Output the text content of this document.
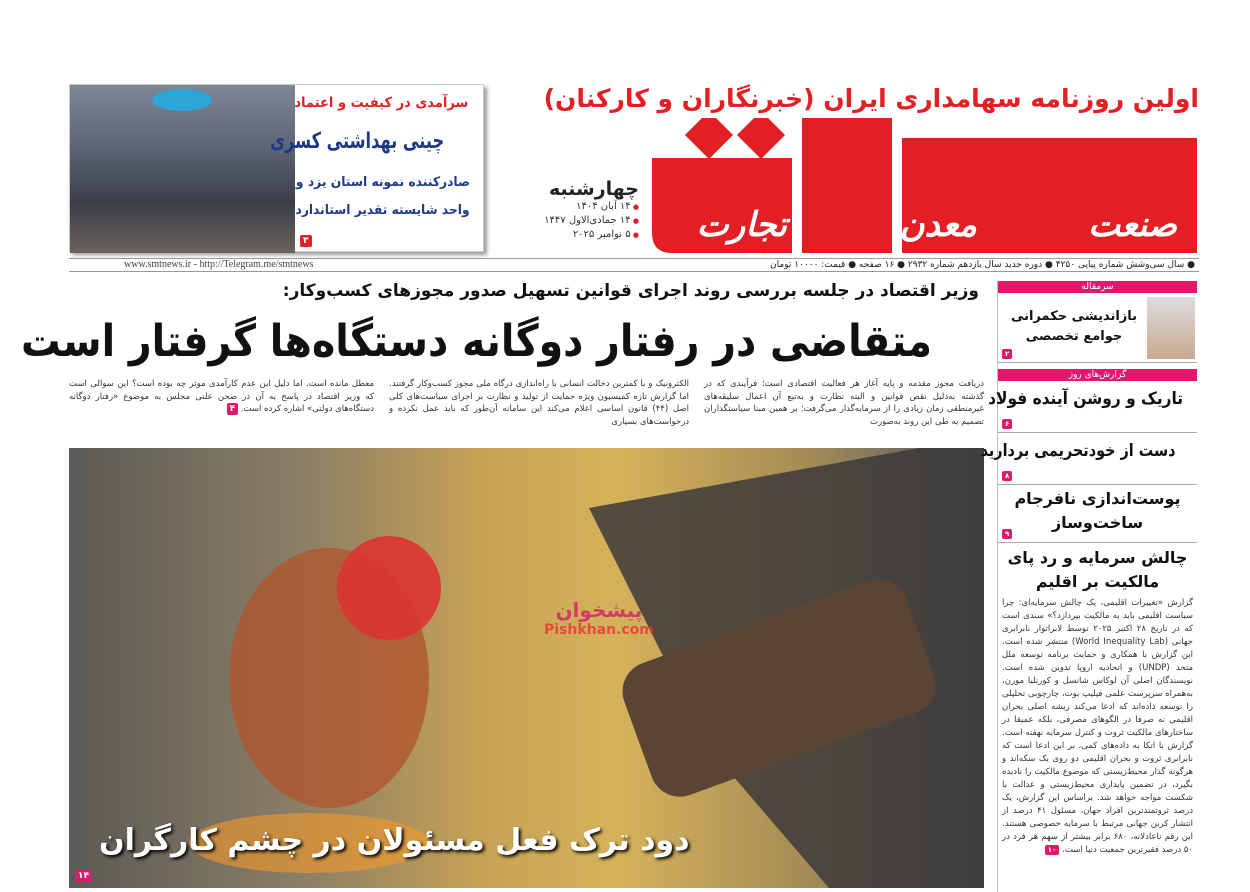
اولین روزنامه سهامداری ایران (خبرنگاران و کارکنان)
صنعت
معدن
تجارت
چهارشنبه
● ۱۴ آبان ۱۴۰۴
● ۱۴ جمادی‌الاول ۱۴۴۷
● ۵ نوامبر ۲۰۲۵
سرآمدی در کیفیت و اعتماد
چینی بهداشتی کسری
صادرکننده نمونه استان یزد و
واحد شایسته تقدیر استاندارد
۳
● سال سی‌وشش شماره پیاپی ۴۲۵۰ ● دوره جدید سال یازدهم شماره ۲۹۳۲ ● ۱۶ صفحه ● قیمت: ۱۰۰۰۰ تومان
www.smtnews.ir - http://Telegram.me/smtnews
وزیر اقتصاد در جلسه بررسی روند اجرای قوانین تسهیل صدور مجوزهای کسب‌و‌کار:
متقاضی در رفتار دوگانه دستگاه‌ها گرفتار است
دریافت مجوز مقدمه و پایه آغاز هر فعالیت اقتصادی است؛ فرآیندی که در گذشته به‌دلیل نقص قوانین و البته نظارت و به‌تبع آن اعمال سلیقه‌های غیرمنطقی زمان زیادی را از سرمایه‌گذار می‌گرفت؛ بر همین مبنا سیاستگذاران تصمیم به طی این روند به‌صورت
الکترونیک و با کمترین دخالت انسانی با راه‌اندازی درگاه ملی مجوز کسب‌و‌کار گرفتند. اما گزارش تازه کمیسیون ویژه حمایت از تولید و نظارت بر اجرای سیاست‌های کلی اصل (۴۴) قانون اساسی اعلام می‌کند این سامانه آن‌طور که باید عمل نکرده و درخواست‌های بسیاری
معطل مانده است. اما دلیل این عدم کارآمدی موثر چه بوده است؟ این سوالی است که وزیر اقتصاد در پاسخ به آن در صحن علنی مجلس به موضوع «رفتار دوگانه دستگاه‌های دولتی» اشاره کرده است. ۴
پیشخوان
Pishkhan.com
دود ترک فعل مسئولان در چشم کارگران
۱۴
سرمقاله
بازاندیشی حکمرانی جوامع تخصصی
۲
گزارش‌های روز
تاریک و روشن آینده فولاد
۶
دست از خودتحریمی بردارید
۸
پوست‌اندازی نافرجام ساخت‌وساز
۹
چالش سرمایه و رد پای مالکیت بر اقلیم
گزارش «تغییرات اقلیمی، یک چالش سرمایه‌ای: چرا سیاست اقلیمی باید به مالکیت بپردازد؟» سندی است که در تاریخ ۲۸ اکتبر ۲۰۲۵ توسط لابراتوار نابرابری جهانی (World Inequality Lab) منتشر شده است. این گزارش با همکاری و حمایت برنامه توسعه ملل متحد (UNDP) و اتحادیه اروپا تدوین شده است. نویسندگان اصلی آن لوکاس شانسل و کورنلیا مورن، به‌همراه سرپرست علمی فیلیپ بوت، چارچوبی تحلیلی را توسعه داده‌اند که ادعا می‌کند ریشه اصلی بحران اقلیمی نه صرفا در الگوهای مصرفی، بلکه عمیقا در ساختارهای مالکیت ثروت و کنترل سرمایه نهفته است. گزارش با اتکا به داده‌های کمی، بر این ادعا است که نابرابری ثروت و بحران اقلیمی دو روی یک سکه‌اند و هرگونه گذار محیط‌زیستی که موضوع مالکیت را نادیده بگیرد، در تضمین پایداری محیط‌زیستی و عدالت با شکست مواجه خواهد شد. براساس این گزارش، یک درصد ثروتمندترین افراد جهان، مسئول ۴۱ درصد از انتشار کربن جهانی مرتبط با سرمایه خصوصی هستند. این رقم ناعادلانه، ۶۸۰ برابر بیشتر از سهم هر فرد در ۵۰ درصد فقیرترین جمعیت دنیا است.۱۰
